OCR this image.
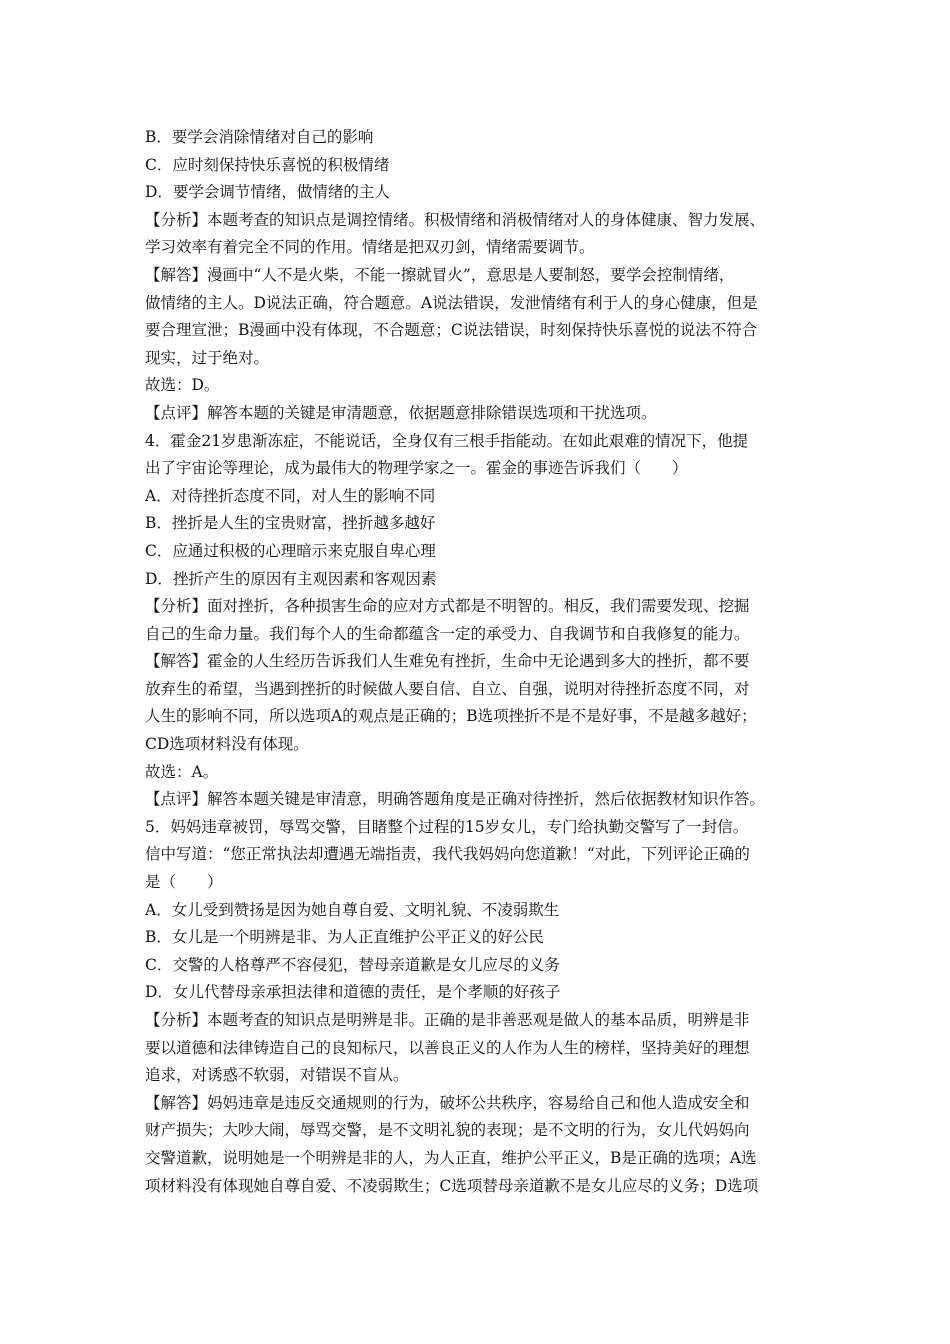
B．要学会消除情绪对自己的影响
C．应时刻保持快乐喜悦的积极情绪
D．要学会调节情绪，做情绪的主人
【分析】本题考查的知识点是调控情绪。积极情绪和消极情绪对人的身体健康、智力发展、
学习效率有着完全不同的作用。情绪是把双刃剑，情绪需要调节。
【解答】漫画中“人不是火柴，不能一擦就冒火”，意思是人要制怒，要学会控制情绪，
做情绪的主人。D说法正确，符合题意。A说法错误，发泄情绪有利于人的身心健康，但是
要合理宣泄；B漫画中没有体现，不合题意；C说法错误，时刻保持快乐喜悦的说法不符合
现实，过于绝对。
故选：D。
【点评】解答本题的关键是审清题意，依据题意排除错误选项和干扰选项。
4．霍金21岁患渐冻症，不能说话，全身仅有三根手指能动。在如此艰难的情况下，他提
出了宇宙论等理论，成为最伟大的物理学家之一。霍金的事迹告诉我们（　　）
A．对待挫折态度不同，对人生的影响不同
B．挫折是人生的宝贵财富，挫折越多越好
C．应通过积极的心理暗示来克服自卑心理
D．挫折产生的原因有主观因素和客观因素
【分析】面对挫折，各种损害生命的应对方式都是不明智的。相反，我们需要发现、挖掘
自己的生命力量。我们每个人的生命都蕴含一定的承受力、自我调节和自我修复的能力。
【解答】霍金的人生经历告诉我们人生难免有挫折，生命中无论遇到多大的挫折，都不要
放弃生的希望，当遇到挫折的时候做人要自信、自立、自强，说明对待挫折态度不同，对
人生的影响不同，所以选项A的观点是正确的；B选项挫折不是不是好事，不是越多越好；
CD选项材料没有体现。
故选：A。
【点评】解答本题关键是审清意，明确答题角度是正确对待挫折，然后依据教材知识作答。
5．妈妈违章被罚，辱骂交警，目睹整个过程的15岁女儿，专门给执勤交警写了一封信。
信中写道：“您正常执法却遭遇无端指责，我代我妈妈向您道歉！“对此，下列评论正确的
是（　　）
A．女儿受到赞扬是因为她自尊自爱、文明礼貌、不凌弱欺生
B．女儿是一个明辨是非、为人正直维护公平正义的好公民
C．交警的人格尊严不容侵犯，替母亲道歉是女儿应尽的义务
D．女儿代替母亲承担法律和道德的责任，是个孝顺的好孩子
【分析】本题考查的知识点是明辨是非。正确的是非善恶观是做人的基本品质，明辨是非
要以道德和法律铸造自己的良知标尺，以善良正义的人作为人生的榜样，坚持美好的理想
追求，对诱惑不软弱，对错误不盲从。
【解答】妈妈违章是违反交通规则的行为，破坏公共秩序，容易给自己和他人造成安全和
财产损失；大吵大闹，辱骂交警，是不文明礼貌的表现；是不文明的行为，女儿代妈妈向
交警道歉，说明她是一个明辨是非的人，为人正直，维护公平正义，B是正确的选项；A选
项材料没有体现她自尊自爱、不凌弱欺生；C选项替母亲道歉不是女儿应尽的义务；D选项
